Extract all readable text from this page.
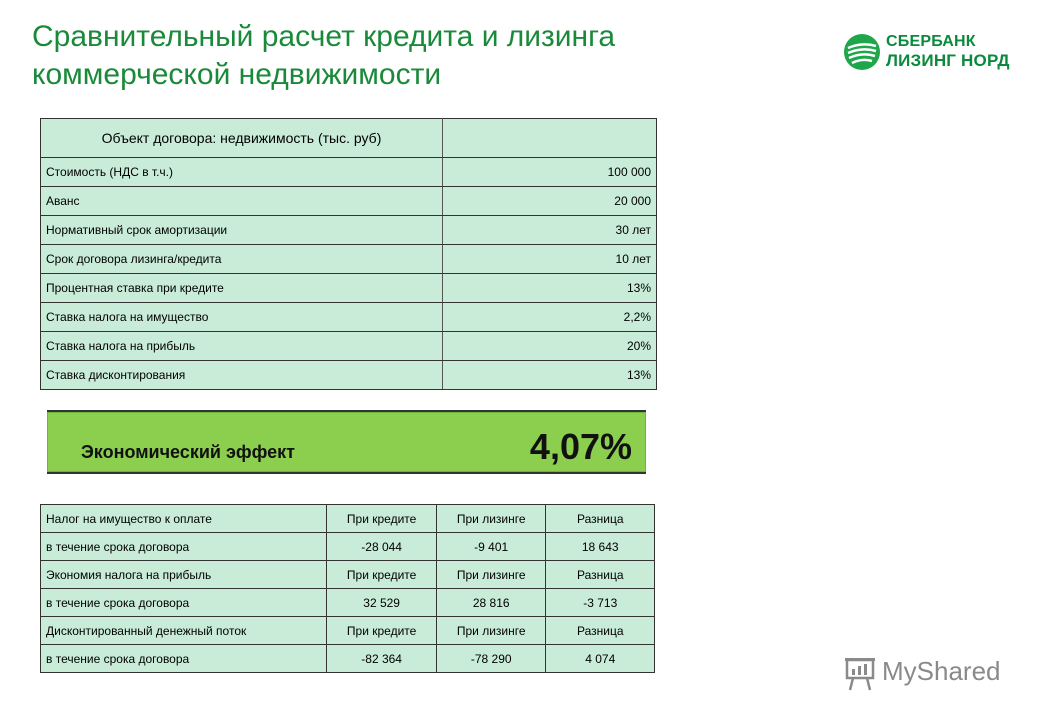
Сравнительный расчет кредита и лизинга
коммерческой недвижимости
СБЕРБАНК
ЛИЗИНГ НОРД
Объект договора: недвижимость (тыс. руб)	
Стоимость (НДС в т.ч.)	100 000
Аванс	20 000
Нормативный срок амортизации	30 лет
Срок договора лизинга/кредита	10 лет
Процентная ставка при кредите	13%
Ставка налога на имущество	2,2%
Ставка налога на прибыль	20%
Ставка дисконтирования	13%
Экономический эффект	4,07%
Налог на имущество к оплате	При кредите	При лизинге	Разница
в течение срока договора	-28 044	-9 401	18 643
Экономия налога на прибыль	При кредите	При лизинге	Разница
в течение срока договора	32 529	28 816	-3 713
Дисконтированный денежный поток	При кредите	При лизинге	Разница
в течение срока договора	-82 364	-78 290	4 074	MyShared
